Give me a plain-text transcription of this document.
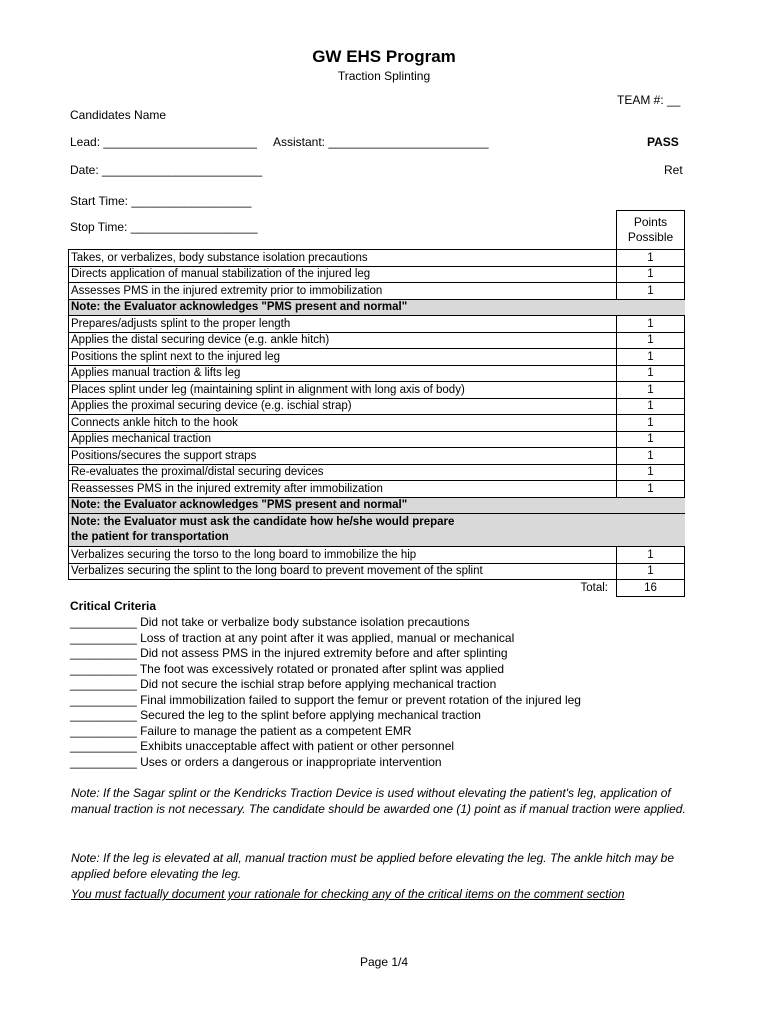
GW EHS Program
Traction Splinting
TEAM #: __
Candidates Name
Lead: _______________________ Assistant: ________________________	PASS
Date: ________________________	Ret
Start Time: __________________
Stop Time: ___________________
		Points
Possible
Takes, or verbalizes, body substance isolation precautions	1
Directs application of manual stabilization of the injured leg	1
Assesses PMS in the injured extremity prior to immobilization	1
Note: the Evaluator acknowledges "PMS present and normal"	
Prepares/adjusts splint to the proper length	1
Applies the distal securing device (e.g. ankle hitch)	1
Positions the splint next to the injured leg	1
Applies manual traction & lifts leg	1
Places splint under leg (maintaining splint in alignment with long axis of body)	1
Applies the proximal securing device (e.g. ischial strap)	1
Connects ankle hitch to the hook	1
Applies mechanical traction	1
Positions/secures the support straps	1
Re-evaluates the proximal/distal securing devices	1
Reassesses PMS in the injured extremity after immobilization	1
Note: the Evaluator acknowledges "PMS present and normal"	
Note: the Evaluator must ask the candidate how he/she would prepare
the patient for transportation	
Verbalizes securing the torso to the long board to immobilize the hip	1
Verbalizes securing the splint to the long board to prevent movement of the splint	1
Total:	16
Critical Criteria
__________ Did not take or verbalize body substance isolation precautions
__________ Loss of traction at any point after it was applied, manual or mechanical
__________ Did not assess PMS in the injured extremity before and after splinting
__________ The foot was excessively rotated or pronated after splint was applied
__________ Did not secure the ischial strap before applying mechanical traction
__________ Final immobilization failed to support the femur or prevent rotation of the injured leg
__________ Secured the leg to the splint before applying mechanical traction
__________ Failure to manage the patient as a competent EMR
__________ Exhibits unacceptable affect with patient or other personnel
__________ Uses or orders a dangerous or inappropriate intervention
Note: If the Sagar splint or the Kendricks Traction Device is used without elevating the patient's leg, application of manual traction is not necessary. The candidate should be awarded one (1) point as if manual traction were applied.
Note: If the leg is elevated at all, manual traction must be applied before elevating the leg. The ankle hitch may be applied before elevating the leg.
You must factually document your rationale for checking any of the critical items on the comment section
Page 1/4
